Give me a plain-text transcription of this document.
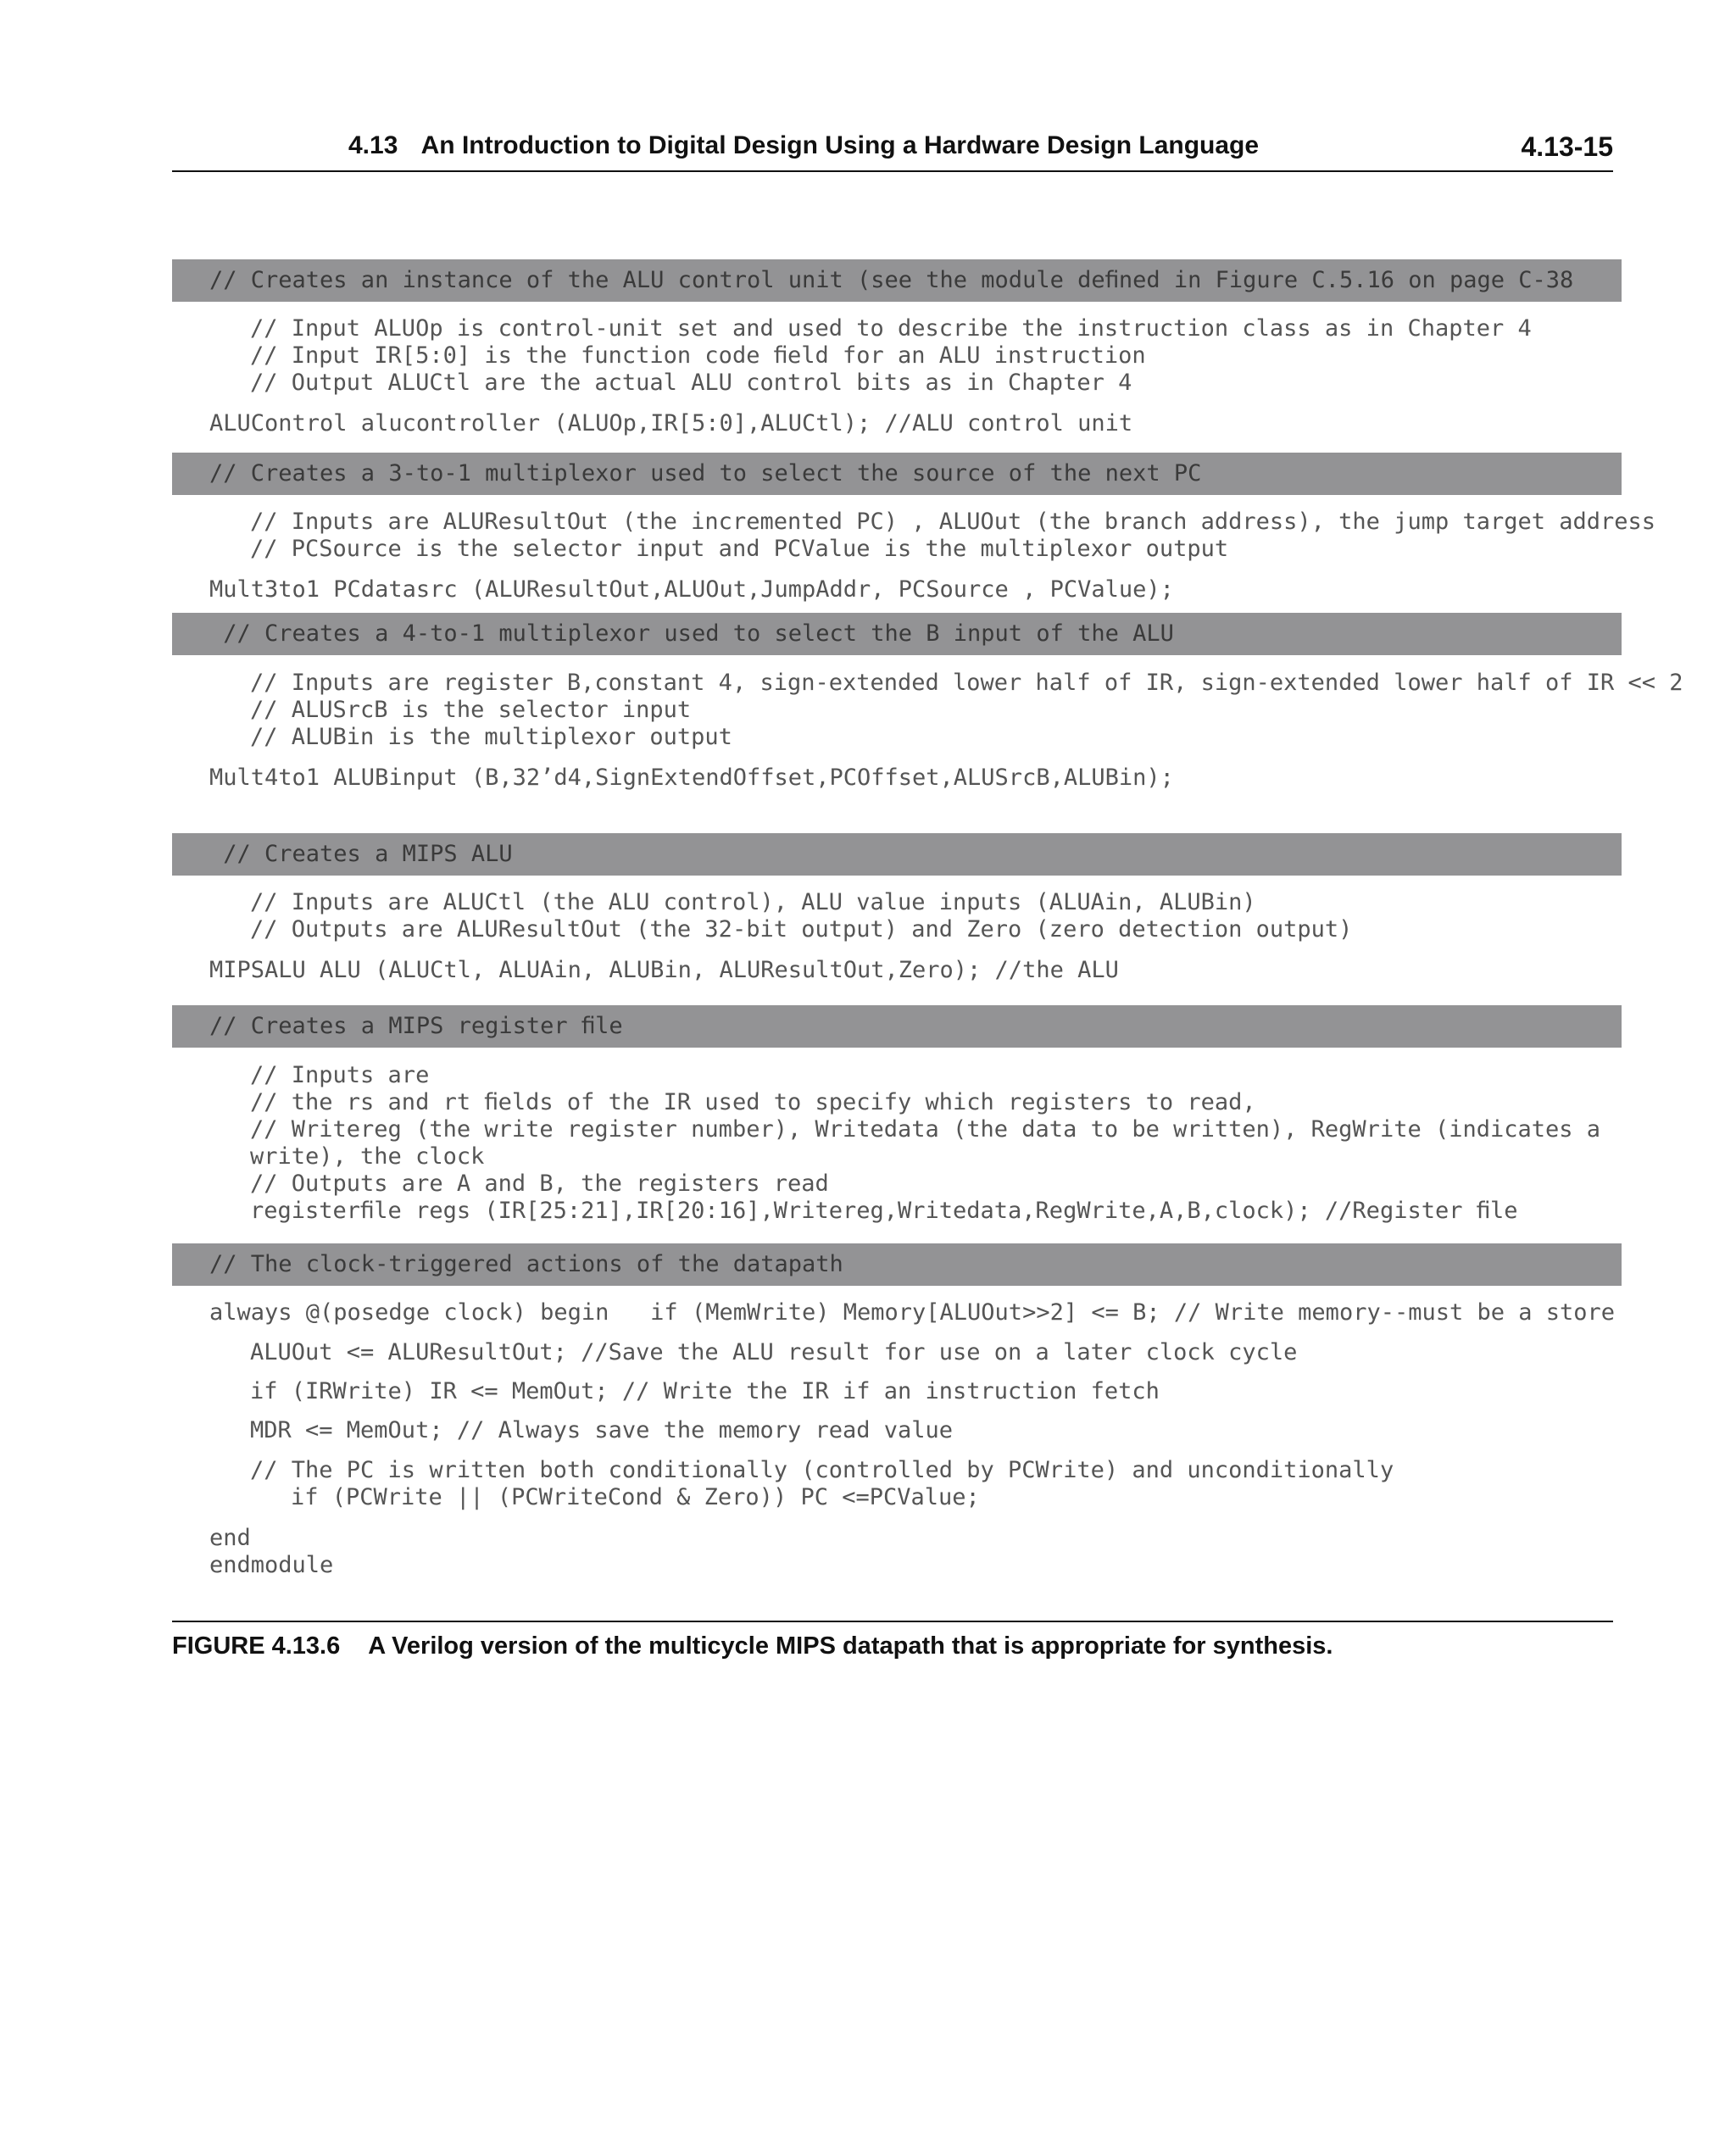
4.13 An Introduction to Digital Design Using a Hardware Design Language	4.13-15
// Creates an instance of the ALU control unit (see the module deﬁned in Figure C.5.16 on page C-38
// Input ALUOp is control-unit set and used to describe the instruction class as in Chapter 4
// Input IR[5:0] is the function code ﬁeld for an ALU instruction
// Output ALUCtl are the actual ALU control bits as in Chapter 4
ALUControl alucontroller (ALUOp,IR[5:0],ALUCtl); //ALU control unit
// Creates a 3-to-1 multiplexor used to select the source of the next PC
// Inputs are ALUResultOut (the incremented PC) , ALUOut (the branch address), the jump target address
// PCSource is the selector input and PCValue is the multiplexor output
Mult3to1 PCdatasrc (ALUResultOut,ALUOut,JumpAddr, PCSource , PCValue);
// Creates a 4-to-1 multiplexor used to select the B input of the ALU
// Inputs are register B,constant 4, sign-extended lower half of IR, sign-extended lower half of IR << 2
// ALUSrcB is the selector input
// ALUBin is the multiplexor output
Mult4to1 ALUBinput (B,32’d4,SignExtendOffset,PCOffset,ALUSrcB,ALUBin);
// Creates a MIPS ALU
// Inputs are ALUCtl (the ALU control), ALU value inputs (ALUAin, ALUBin)
// Outputs are ALUResultOut (the 32-bit output) and Zero (zero detection output)
MIPSALU ALU (ALUCtl, ALUAin, ALUBin, ALUResultOut,Zero); //the ALU
// Creates a MIPS register ﬁle
// Inputs are
// the rs and rt ﬁelds of the IR used to specify which registers to read,
// Writereg (the write register number), Writedata (the data to be written), RegWrite (indicates a
write), the clock
// Outputs are A and B, the registers read
registerﬁle regs (IR[25:21],IR[20:16],Writereg,Writedata,RegWrite,A,B,clock); //Register ﬁle
// The clock-triggered actions of the datapath
always @(posedge clock) begin   if (MemWrite) Memory[ALUOut>>2] <= B; // Write memory--must be a store
ALUOut <= ALUResultOut; //Save the ALU result for use on a later clock cycle
if (IRWrite) IR <= MemOut; // Write the IR if an instruction fetch
MDR <= MemOut; // Always save the memory read value
// The PC is written both conditionally (controlled by PCWrite) and unconditionally
if (PCWrite || (PCWriteCond & Zero)) PC <=PCValue;
end
endmodule
FIGURE 4.13.6 A Verilog version of the multicycle MIPS datapath that is appropriate for synthesis.
